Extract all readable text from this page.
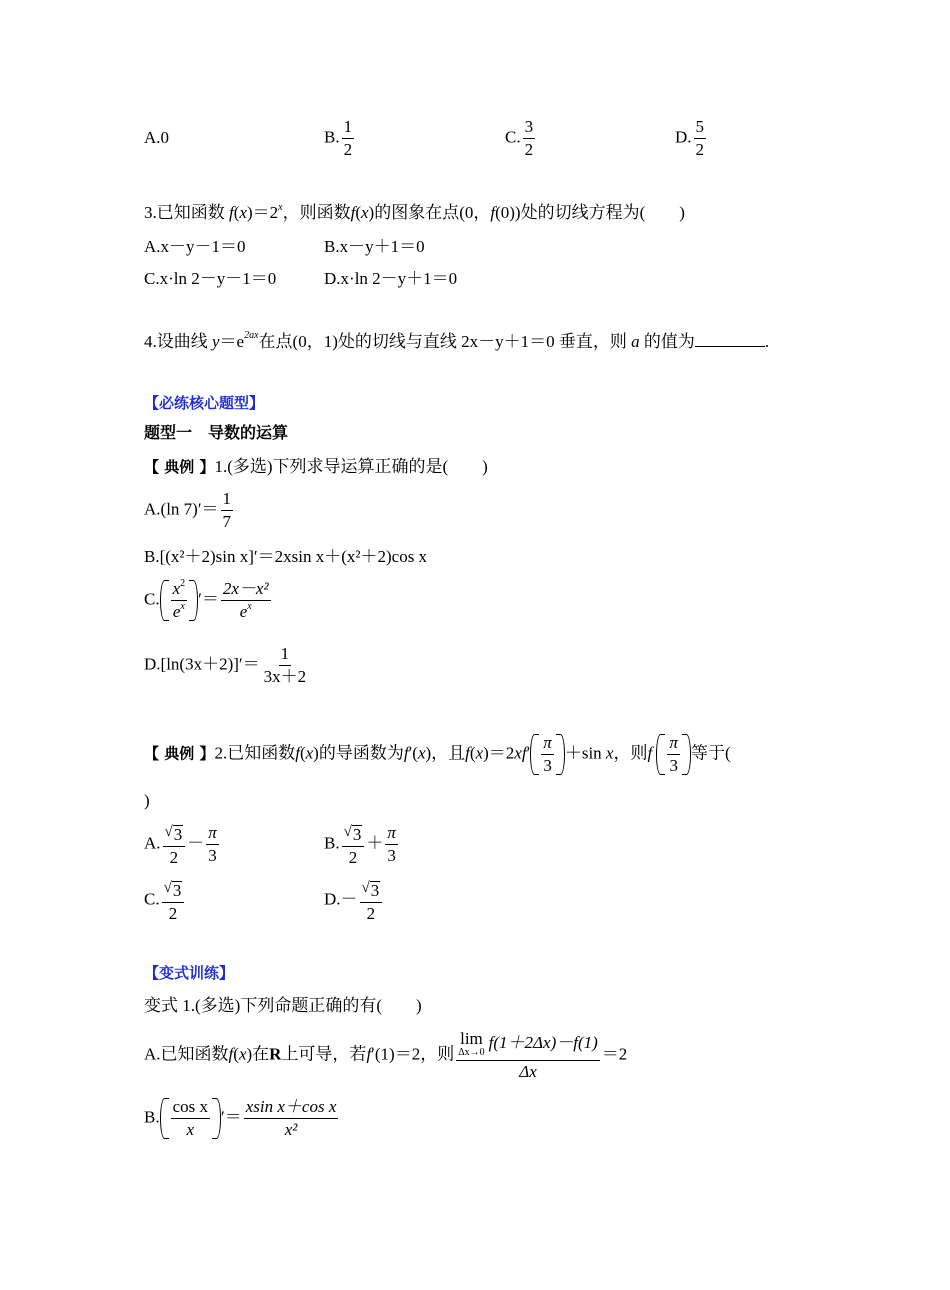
A.0	B. $\frac{1}{2}$	C. $\frac{3}{2}$	D. $\frac{5}{2}$
3.已知函数 $f(x)=2^x$，则函数f(x)的图象在点(0，f(0))处的切线方程为(　　)
A.x－y－1＝0	B.x－y＋1＝0
C.x·ln 2－y－1＝0	D.x·ln 2－y＋1＝0
4.设曲线 $y=e^{2ax}$在点(0，1)处的切线与直线 2x－y＋1＝0 垂直，则 a 的值为	.
【必练核心题型】
题型一　导数的运算
【 典例 】1.(多选)下列求导运算正确的是(　　)
A.(ln $7)'= \frac{1}{7}$
B.[(x²＋2)sin x]′＝2xsin x＋(x²＋2)cos x
C. $\frac{x^2}{e^x}$ ′＝ $\frac{\text{2x－x²}}{e^x}$
$D.[\ln(3x+2)]'= \frac{1}{3x+2}$
【 典例 】2.已知函数f(x)的导函数为f′(x)，且$f(x)=2xf' \frac{\pi}{3} +\sin$ x，则f $\frac{\pi}{3}$ 等于(
)
A. $\frac{√ 3}{2} - \frac{\pi}{3}$	B. $\frac{√ 3}{2} + \frac{\pi}{3}$
C. $\frac{√ 3}{2}$	$D.- \frac{√ 3}{2}$
【变式训练】
变式 1.(多选)下列命题正确的有(　　)
A.已知函数f(x)在R上可导，若f′(1)＝2，则 lim
Δx→0
f(1＋2Δx)－f(1)
Δx ＝2
B. $\frac{\text{cos x}}{x}$ ′＝ $\frac{\text{xsin x＋cos x}}{\text{x²}}$
